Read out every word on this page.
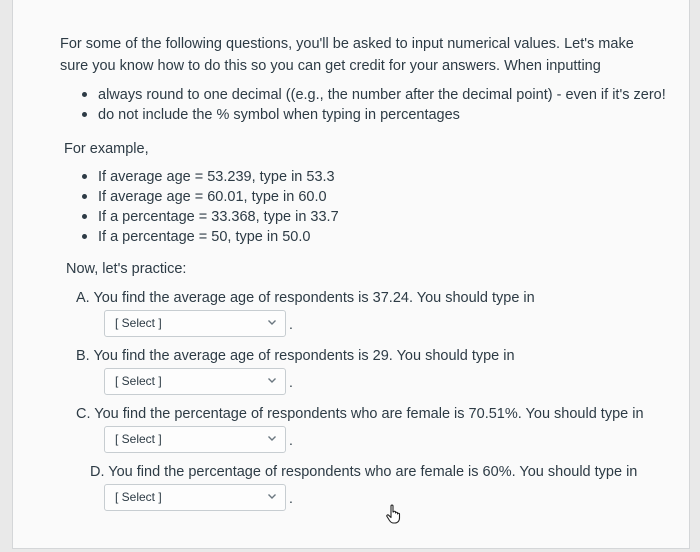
For some of the following questions, you'll be asked to input numerical values. Let's make sure you know how to do this so you can get credit for your answers. When inputting

always round to one decimal ((e.g., the number after the decimal point) - even if it's zero!
do not include the % symbol when typing in percentages

For example,

If average age = 53.239, type in 53.3
If average age = 60.01, type in 60.0
If a percentage = 33.368, type in 33.7
If a percentage = 50, type in 50.0

Now, let's practice:

A. You find the average age of respondents is 37.24. You should type in

[ Select ]	.

B. You find the average age of respondents is 29. You should type in

[ Select ]	.

C. You find the percentage of respondents who are female is 70.51%. You should type in

[ Select ]	.

D. You find the percentage of respondents who are female is 60%. You should type in

[ Select ]	.
